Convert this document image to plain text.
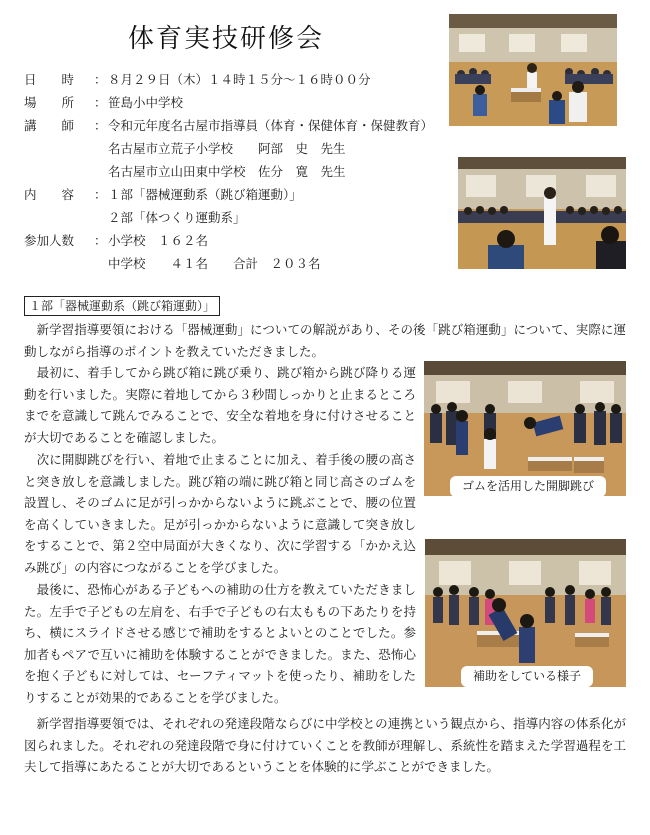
体育実技研修会
日　　時 ：８月２９日（木）１４時１５分～１６時００分
場　　所 ：笹島小中学校
講　　師 ：令和元年度名古屋市指導員（体育・保健体育・保健教育）
名古屋市立荒子小学校　　阿部　史　先生
名古屋市立山田東中学校　佐分　寛　先生
内　　容 ：１部「器械運動系（跳び箱運動）」
２部「体つくり運動系」
参加人数 ：小学校　１６２名
中学校　　４１名　　合計　２０３名
１部「器械運動系（跳び箱運動）」

　新学習指導要領における「器械運動」についての解説があり、その後「跳び箱運動」について、実際に運動しながら指導のポイントを教えていただきました。

　最初に、着手してから跳び箱に跳び乗り、跳び箱から跳び降りる運動を行いました。実際に着地してから３秒間しっかりと止まるところまでを意識して跳んでみることで、安全な着地を身に付けさせることが大切であることを確認しました。

　次に開脚跳びを行い、着地で止まることに加え、着手後の腰の高さと突き放しを意識しました。跳び箱の端に跳び箱と同じ高さのゴムを設置し、そのゴムに足が引っかからないように跳ぶことで、腰の位置を高くしていきました。足が引っかからないように意識して突き放しをすることで、第２空中局面が大きくなり、次に学習する「かかえ込み跳び」の内容につながることを学びました。

　最後に、恐怖心がある子どもへの補助の仕方を教えていただきました。左手で子どもの左肩を、右手で子どもの右太ももの下あたりを持ち、横にスライドさせる感じで補助をするとよいとのことでした。参加者もペアで互いに補助を体験することができました。また、恐怖心を抱く子どもに対しては、セーフティマットを使ったり、補助をしたりすることが効果的であることを学びました。

　新学習指導要領では、それぞれの発達段階ならびに中学校との連携という観点から、指導内容の体系化が図られました。それぞれの発達段階で身に付けていくことを教師が理解し、系統性を踏まえた学習過程を工夫して指導にあたることが大切であるということを体験的に学ぶことができました。

ゴムを活用した開脚跳び
補助をしている様子
